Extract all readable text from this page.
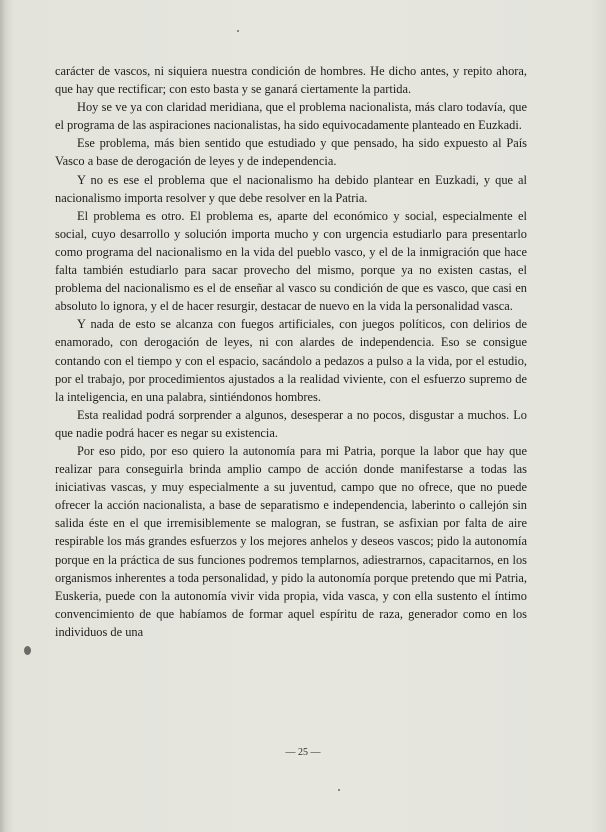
carácter de vascos, ni siquiera nuestra condición de hombres. He dicho antes, y repito ahora, que hay que rectificar; con esto basta y se ganará ciertamente la partida.

Hoy se ve ya con claridad meridiana, que el problema nacionalista, más claro todavía, que el programa de las aspiraciones nacionalistas, ha sido equivocadamente planteado en Euzkadi.

Ese problema, más bien sentido que estudiado y que pensado, ha sido expuesto al País Vasco a base de derogación de leyes y de independencia.

Y no es ese el problema que el nacionalismo ha debido plantear en Euzkadi, y que al nacionalismo importa resolver y que debe resolver en la Patria.

El problema es otro. El problema es, aparte del económico y social, especialmente el social, cuyo desarrollo y solución importa mucho y con urgencia estudiarlo para presentarlo como programa del nacionalismo en la vida del pueblo vasco, y el de la inmigración que hace falta también estudiarlo para sacar provecho del mismo, porque ya no existen castas, el problema del nacionalismo es el de enseñar al vasco su condición de que es vasco, que casi en absoluto lo ignora, y el de hacer resurgir, destacar de nuevo en la vida la personalidad vasca.

Y nada de esto se alcanza con fuegos artificiales, con juegos políticos, con delirios de enamorado, con derogación de leyes, ni con alardes de independencia. Eso se consigue contando con el tiempo y con el espacio, sacándolo a pedazos a pulso a la vida, por el estudio, por el trabajo, por procedimientos ajustados a la realidad viviente, con el esfuerzo supremo de la inteligencia, en una palabra, sintiéndonos hombres.

Esta realidad podrá sorprender a algunos, desesperar a no pocos, disgustar a muchos. Lo que nadie podrá hacer es negar su existencia.

Por eso pido, por eso quiero la autonomía para mi Patria, porque la labor que hay que realizar para conseguirla brinda amplio campo de acción donde manifestarse a todas las iniciativas vascas, y muy especialmente a su juventud, campo que no ofrece, que no puede ofrecer la acción nacionalista, a base de separatismo e independencia, laberinto o callejón sin salida éste en el que irremisiblemente se malogran, se fustran, se asfixian por falta de aire respirable los más grandes esfuerzos y los mejores anhelos y deseos vascos; pido la autonomía porque en la práctica de sus funciones podremos templarnos, adiestrarnos, capacitarnos, en los organismos inherentes a toda personalidad, y pido la autonomía porque pretendo que mi Patria, Euskeria, puede con la autonomía vivir vida propia, vida vasca, y con ella sustento el íntimo convencimiento de que habíamos de formar aquel espíritu de raza, generador como en los individuos de una

— 25 —
